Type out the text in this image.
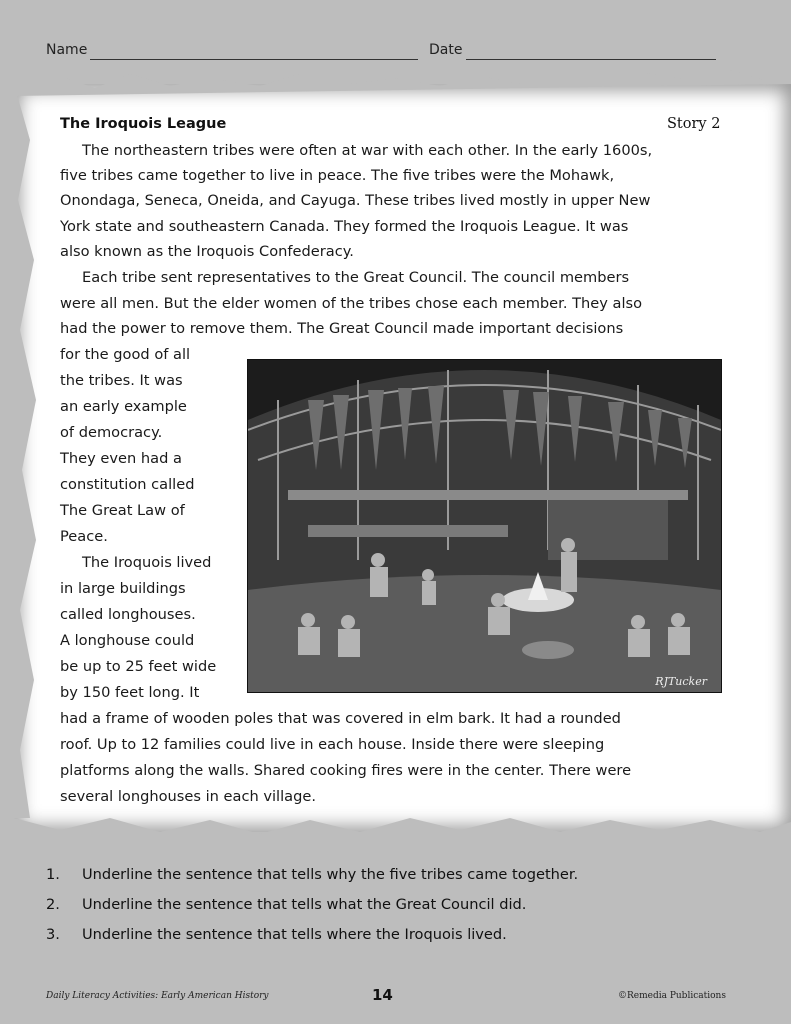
Name	Date
The Iroquois League	Story 2
The northeastern tribes were often at war with each other. In the early 1600s,
five tribes came together to live in peace. The five tribes were the Mohawk,
Onondaga, Seneca, Oneida, and Cayuga. These tribes lived mostly in upper New
York state and southeastern Canada. They formed the Iroquois League. It was
also known as the Iroquois Confederacy.
Each tribe sent representatives to the Great Council. The council members
were all men. But the elder women of the tribes chose each member. They also
had the power to remove them. The Great Council made important decisions
for the good of all
the tribes. It was
an early example
of democracy.
They even had a
constitution called
The Great Law of
Peace.
The Iroquois lived
in large buildings
called longhouses.
A longhouse could
be up to 25 feet wide
by 150 feet long. It
RJTucker
had a frame of wooden poles that was covered in elm bark. It had a rounded
roof. Up to 12 families could live in each house. Inside there were sleeping
platforms along the walls. Shared cooking fires were in the center. There were
several longhouses in each village.
1. Underline the sentence that tells why the five tribes came together.
2. Underline the sentence that tells what the Great Council did.
3. Underline the sentence that tells where the Iroquois lived.
Daily Literacy Activities: Early American History	14	©Remedia Publications
